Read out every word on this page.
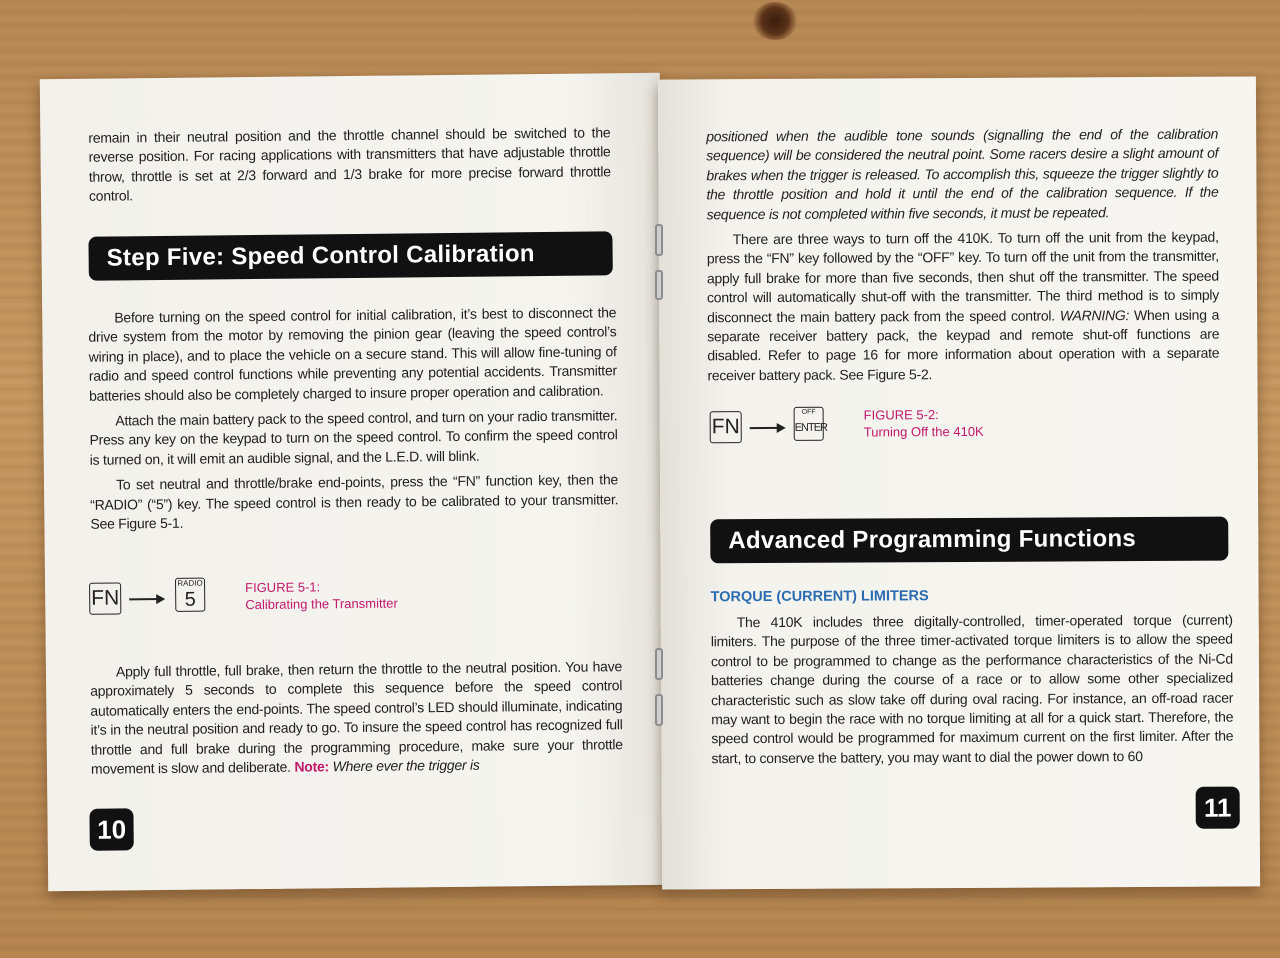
remain in their neutral position and the throttle channel should be switched to the reverse position. For racing applications with transmitters that have adjustable throttle throw, throttle is set at 2/3 forward and 1/3 brake for more precise forward throttle control.

Step Five: Speed Control Calibration

Before turning on the speed control for initial calibration, it’s best to disconnect the drive system from the motor by removing the pinion gear (leaving the speed control’s wiring in place), and to place the vehicle on a secure stand. This will allow fine-tuning of radio and speed control functions while preventing any potential accidents. Transmitter batteries should also be completely charged to insure proper operation and calibration.

Attach the main battery pack to the speed control, and turn on your radio transmitter. Press any key on the keypad to turn on the speed control. To confirm the speed control is turned on, it will emit an audible signal, and the L.E.D. will blink.

To set neutral and throttle/brake end-points, press the “FN” function key, then the “RADIO” (“5”) key. The speed control is then ready to be calibrated to your transmitter. See Figure 5-1.

FN
RADIO
5
FIGURE 5-1:
Calibrating the Transmitter

Apply full throttle, full brake, then return the throttle to the neutral position. You have approximately 5 seconds to complete this sequence before the speed control automatically enters the end-points. The speed control’s LED should illuminate, indicating it’s in the neutral position and ready to go. To insure the speed control has recognized full throttle and full brake during the programming procedure, make sure your throttle movement is slow and deliberate. Note: Where ever the trigger is

10

positioned when the audible tone sounds (signalling the end of the calibration sequence) will be considered the neutral point. Some racers desire a slight amount of brakes when the trigger is released. To accomplish this, squeeze the trigger slightly to the throttle position and hold it until the end of the calibration sequence. If the sequence is not completed within five seconds, it must be repeated.

There are three ways to turn off the 410K. To turn off the unit from the keypad, press the “FN” key followed by the “OFF” key. To turn off the unit from the transmitter, apply full brake for more than five seconds, then shut off the transmitter. The speed control will automatically shut-off with the transmitter. The third method is to simply disconnect the main battery pack from the speed control. WARNING: When using a separate receiver battery pack, the keypad and remote shut-off functions are disabled. Refer to page 16 for more information about operation with a separate receiver battery pack. See Figure 5-2.

FN
OFF
ENTER
FIGURE 5-2:
Turning Off the 410K
Advanced Programming Functions
TORQUE (CURRENT) LIMITERS

The 410K includes three digitally-controlled, timer-operated torque (current) limiters. The purpose of the three timer-activated torque limiters is to allow the speed control to be programmed to change as the performance characteristics of the Ni-Cd batteries change during the course of a race or to allow some other specialized characteristic such as slow take off during oval racing. For instance, an off-road racer may want to begin the race with no torque limiting at all for a quick start. Therefore, the speed control would be programmed for maximum current on the first limiter. After the start, to conserve the battery, you may want to dial the power down to 60

11
